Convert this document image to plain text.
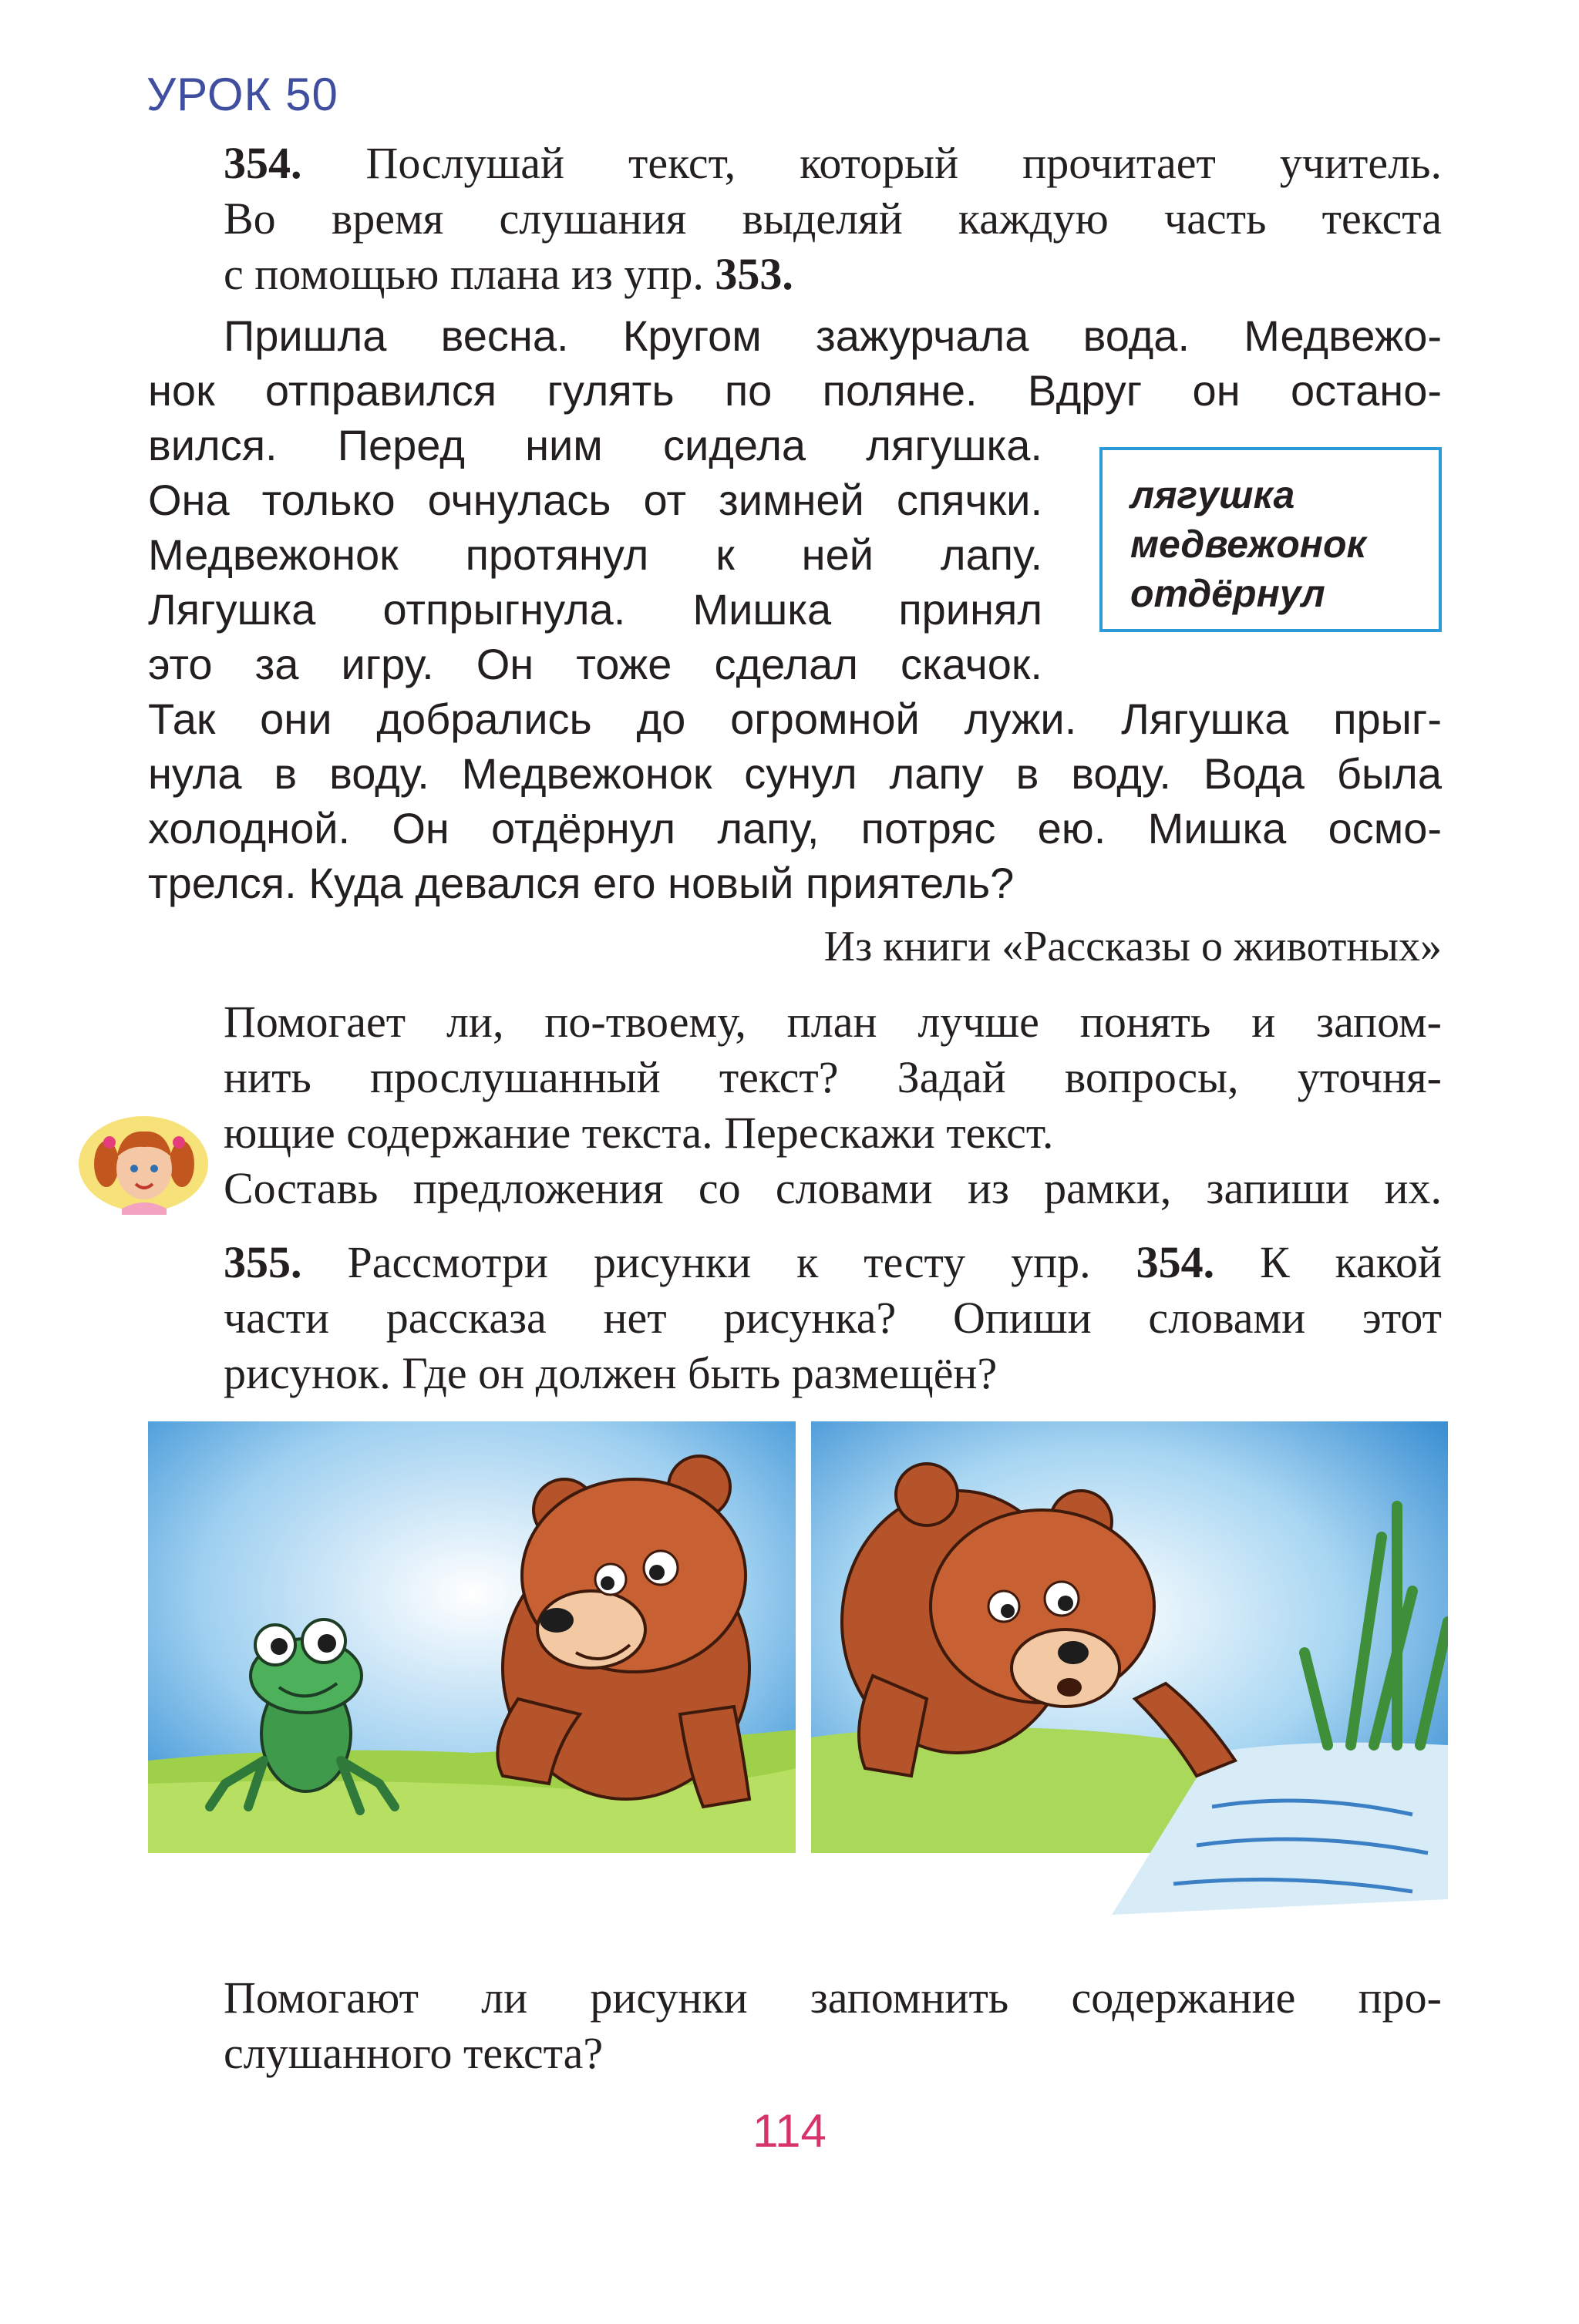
УРОК 50
354. Послушай текст, который прочитает учитель.
Во время слушания выделяй каждую часть текста
с помощью плана из упр. 353.
Пришла весна. Кругом зажурчала вода. Медвежо-
нок отправился гулять по поляне. Вдруг он остано-
вился. Перед ним сидела лягушка.
Она только очнулась от зимней спячки.
Медвежонок протянул к ней лапу.
Лягушка отпрыгнула. Мишка принял
это за игру. Он тоже сделал скачок.
Так они добрались до огромной лужи. Лягушка прыг-
нула в воду. Медвежонок сунул лапу в воду. Вода была
холодной. Он отдёрнул лапу, потряс ею. Мишка осмо-
трелся. Куда девался его новый приятель?
лягушка
медвежонок
отдёрнул
Из книги «Рассказы о животных»
Помогает ли, по-твоему, план лучше понять и запом-
нить прослушанный текст? Задай вопросы, уточня-
ющие содержание текста. Перескажи текст.
Составь предложения со словами из рамки, запиши их.
355. Рассмотри рисунки к тесту упр. 354. К какой
части рассказа нет рисунка? Опиши словами этот
рисунок. Где он должен быть размещён?
Помогают ли рисунки запомнить содержание про-
слушанного текста?
114
